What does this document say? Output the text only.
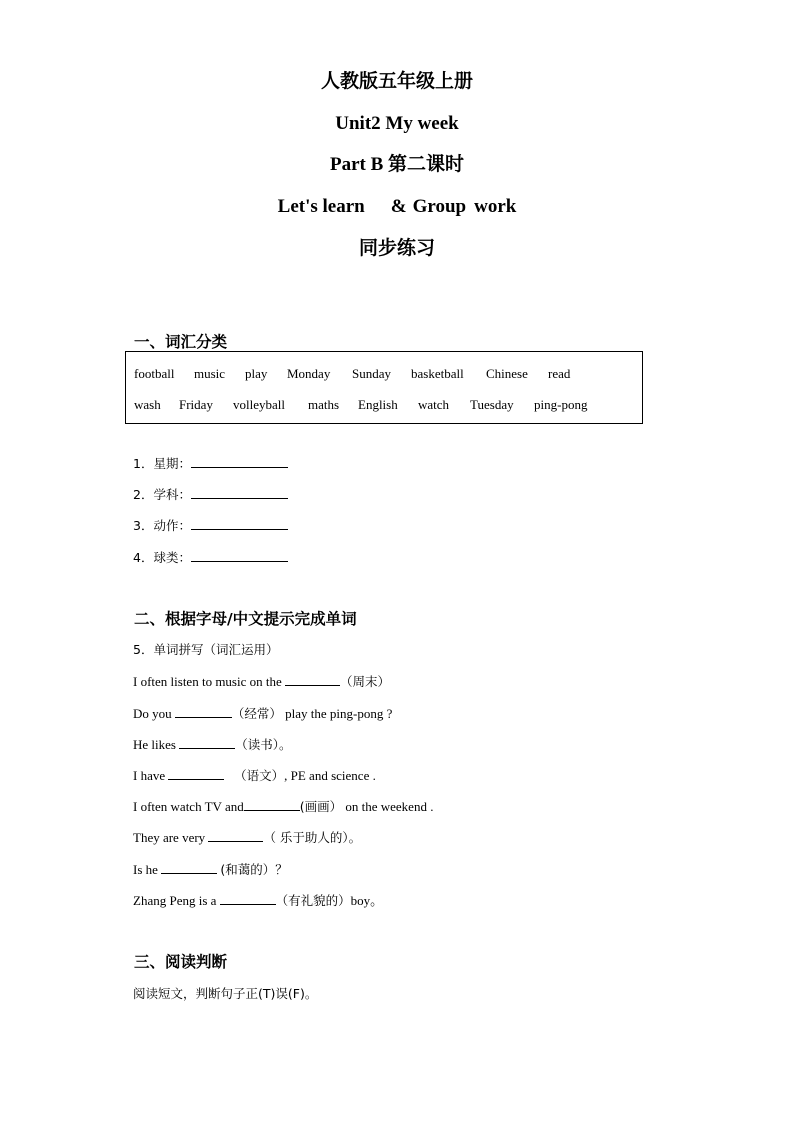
人教版五年级上册
Unit2 My week
Part B 第二课时
Let's learn & Group work
同步练习
一、词汇分类
football music play Monday Sunday basketball Chinese read
wash Friday volleyball maths English watch Tuesday ping-pong
1．星期：
2．学科：
3．动作：
4．球类：
二、根据字母/中文提示完成单词
5．单词拼写（词汇运用）
I often listen to music on the	（周末）
Do you	（经常） play the ping-pong ?
He likes	（读书）。
I have	（语文）, PE and science .
I often watch TV and	(画画） on the weekend .
They are very	（ 乐于助人的）。
Is he	(和蔼的）？
Zhang Peng is a	（有礼貌的）boy。
三、阅读判断
阅读短文，判断句子正(T)误(F)。
